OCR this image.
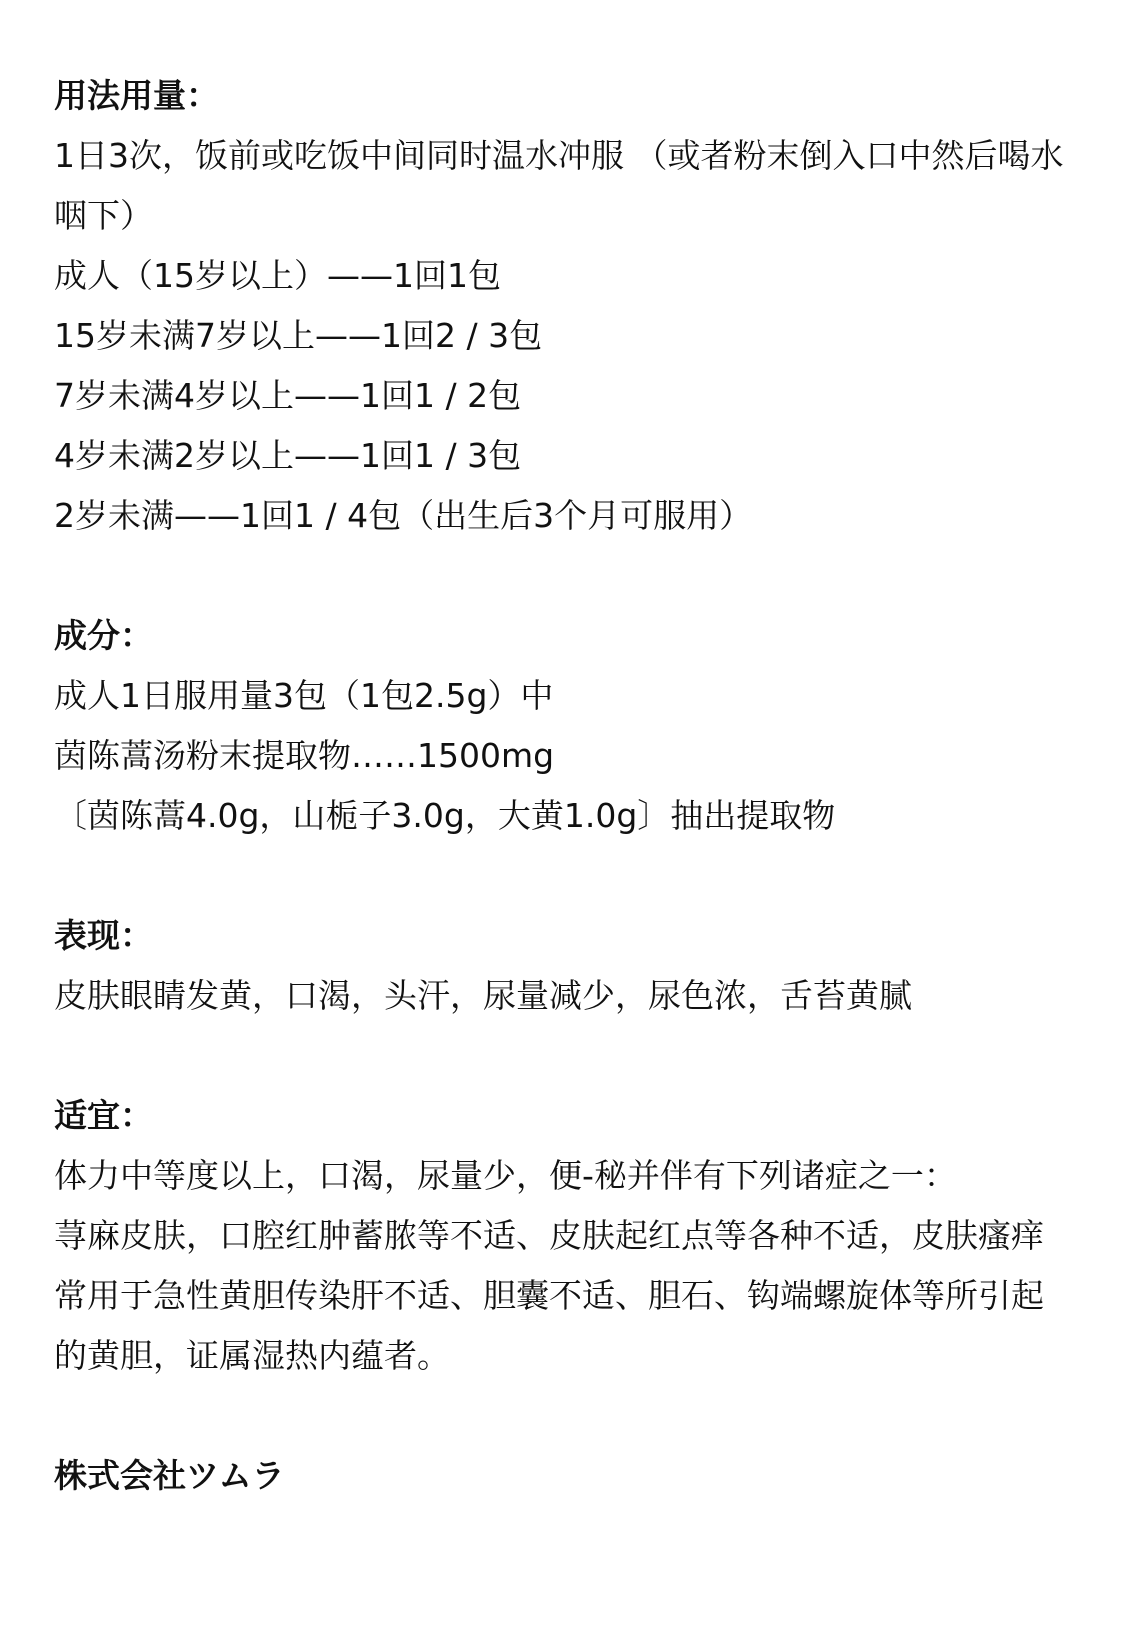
用法用量：

1日3次，饭前或吃饭中间同时温水冲服 （或者粉末倒入口中然后喝水咽下）

成人（15岁以上）——1回1包

15岁未满7岁以上——1回2 / 3包

7岁未满4岁以上——1回1 / 2包

4岁未满2岁以上——1回1 / 3包

2岁未满——1回1 / 4包（出生后3个月可服用）

成分：

成人1日服用量3包（1包2.5g）中

茵陈蒿汤粉末提取物……1500mg

〔茵陈蒿4.0g，山栀子3.0g，大黄1.0g〕抽出提取物

表现：

皮肤眼睛发黄，口渴，头汗，尿量减少，尿色浓，舌苔黄腻

适宜：

体力中等度以上，口渴，尿量少，便-秘并伴有下列诸症之一：

荨麻皮肤，口腔红肿蓄脓等不适、皮肤起红点等各种不适，皮肤瘙痒

常用于急性黄胆传染肝不适、胆囊不适、胆石、钩端螺旋体等所引起的黄胆，证属湿热内蕴者。

株式会社ツムラ
